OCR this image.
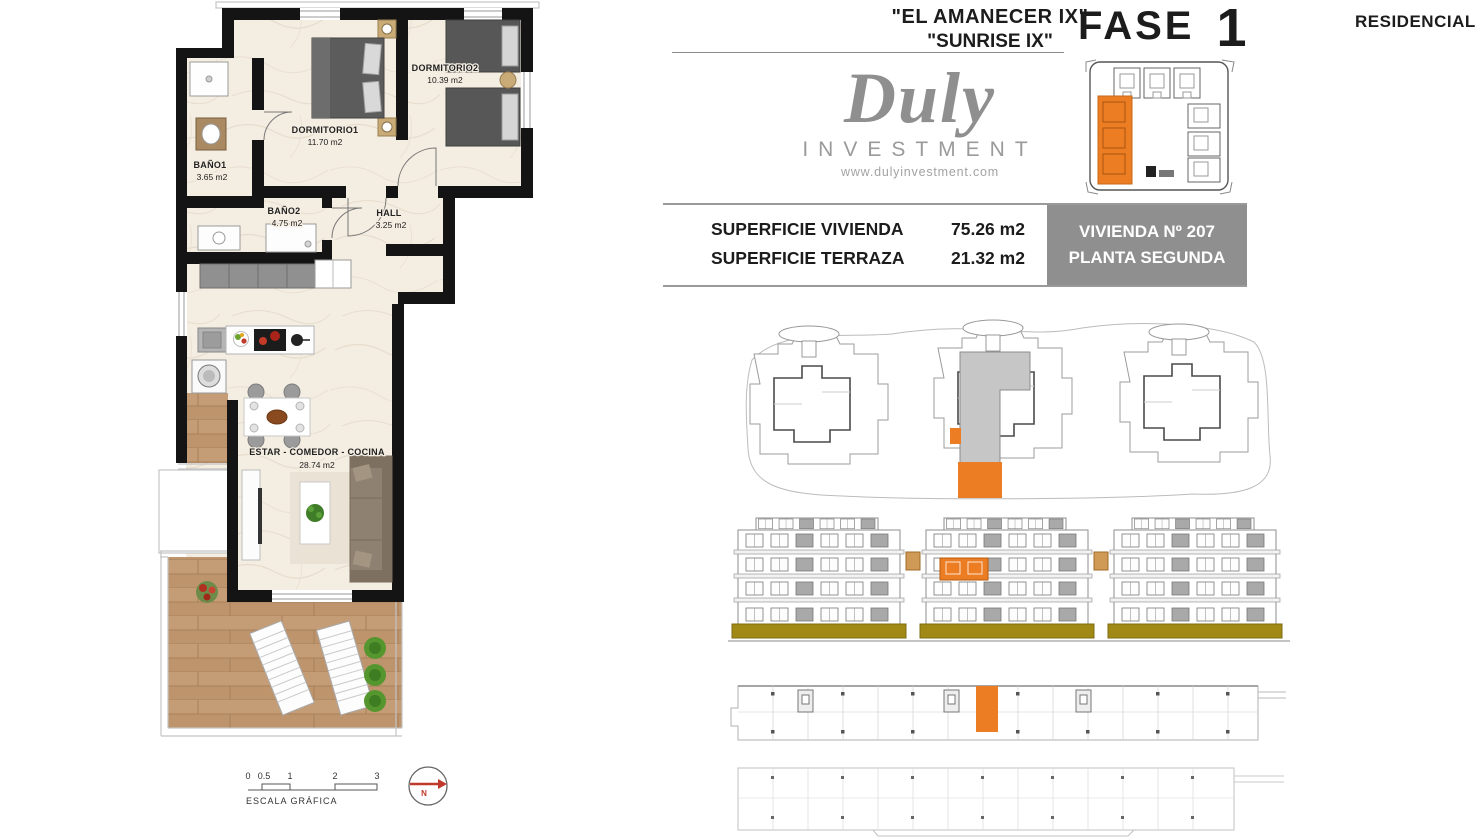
DORMITORIO1
11.70 m2
DORMITORIO2
10.39 m2
BAÑO1
3.65 m2
BAÑO2
4.75 m2
HALL
3.25 m2
ESTAR - COMEDOR - COCINA
28.74 m2
0 0.5 1	2	3
ESCALA GRÁFICA
N
RESIDENCIAL
"EL AMANECER IX"
"SUNRISE IX" FASE 1
Duly
INVESTMENT
www.dulyinvestment.com
SUPERFICIE VIVIENDA	75.26 m2
SUPERFICIE TERRAZA	21.32 m2
VIVIENDA Nº 207
PLANTA SEGUNDA
